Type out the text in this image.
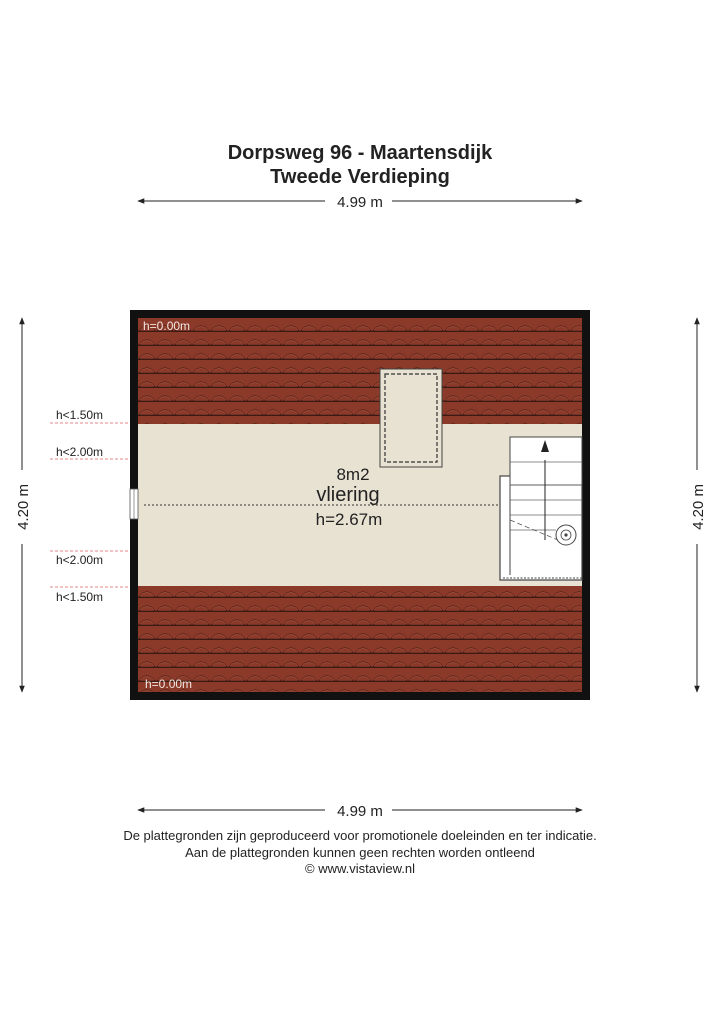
Dorpsweg 96 - Maartensdijk
Tweede Verdieping
4.99 m
4.99 m
4.20 m	4.20 m
h<1.50m
h<2.00m
h<2.00m
h<1.50m
8m2
vliering
h=2.67m
h=0.00m
h=0.00m
De plattegronden zijn geproduceerd voor promotionele doeleinden en ter indicatie.
Aan de plattegronden kunnen geen rechten worden ontleend
© www.vistaview.nl
